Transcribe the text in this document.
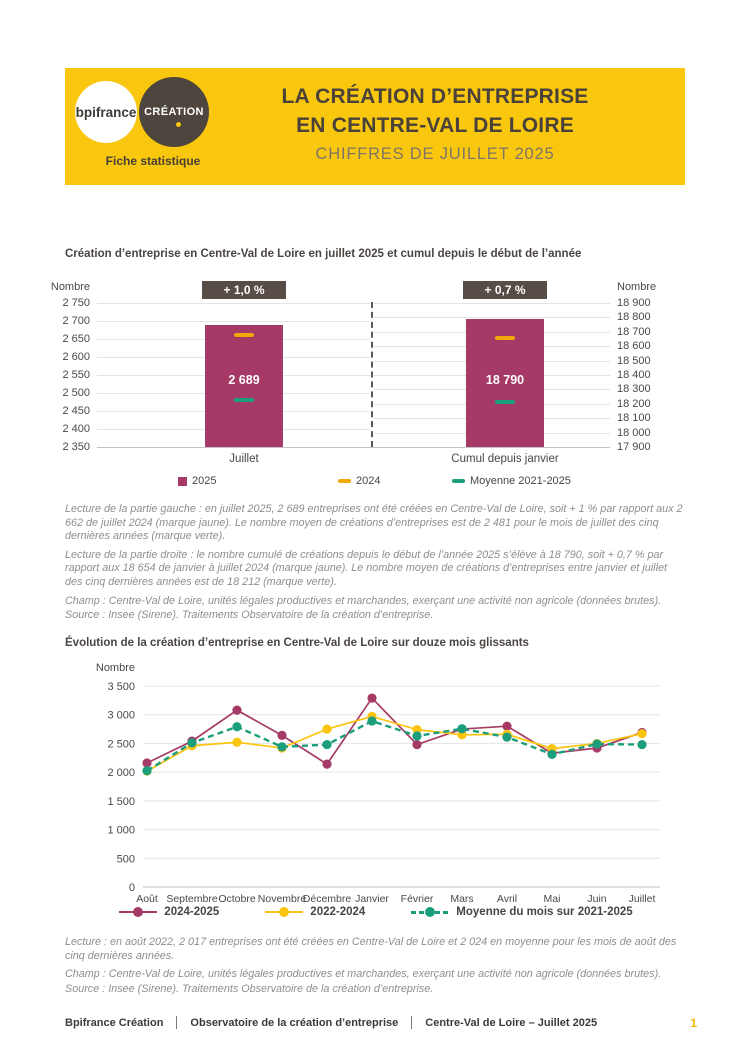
bpifrance CRÉATION
Fiche statistique
LA CRÉATION D’ENTREPRISE
EN CENTRE-VAL DE LOIRE
CHIFFRES DE JUILLET 2025
Création d’entreprise en Centre-Val de Loire en juillet 2025 et cumul depuis le début de l’année
Nombre	Nombre
2 750
2 700
2 650
2 600
2 550
2 500
2 450
2 400
2 350
+ 1,0 %
2 689
Juillet
18 900
18 800
18 700
18 600
18 500
18 400
18 300
18 200
18 100
18 000
17 900
+ 0,7 %
18 790
Cumul depuis janvier
2025	2024	Moyenne 2021-2025

Lecture de la partie gauche : en juillet 2025, 2 689 entreprises ont été créées en Centre-Val de Loire, soit + 1 % par rapport aux 2 662 de juillet 2024 (marque jaune). Le nombre moyen de créations d’entreprises est de 2 481 pour le mois de juillet des cinq dernières années (marque verte).

Lecture de la partie droite : le nombre cumulé de créations depuis le début de l’année 2025 s’élève à 18 790, soit + 0,7 % par rapport aux 18 654 de janvier à juillet 2024 (marque jaune). Le nombre moyen de créations d’entreprises entre janvier et juillet des cinq dernières années est de 18 212 (marque verte).

Champ : Centre-Val de Loire, unités légales productives et marchandes, exerçant une activité non agricole (données brutes).

Source : Insee (Sirene). Traitements Observatoire de la création d’entreprise.

Évolution de la création d’entreprise en Centre-Val de Loire sur douze mois glissants
Nombre
3 500
3 000
2 500
2 000
1 500
1 000
500
0
Août Septembre Octobre Novembre
Décembre Janvier Février Mars Avril	Mai	Juin Juillet
2024-2025	2022-2024	Moyenne du mois sur 2021-2025

Lecture : en août 2022, 2 017 entreprises ont été créées en Centre-Val de Loire et 2 024 en moyenne pour les mois de août des cinq dernières années.

Champ : Centre-Val de Loire, unités légales productives et marchandes, exerçant une activité non agricole (données brutes).

Source : Insee (Sirene). Traitements Observatoire de la création d’entreprise.

Bpifrance Création Observatoire de la création d’entreprise Centre-Val de Loire – Juillet 2025	1
